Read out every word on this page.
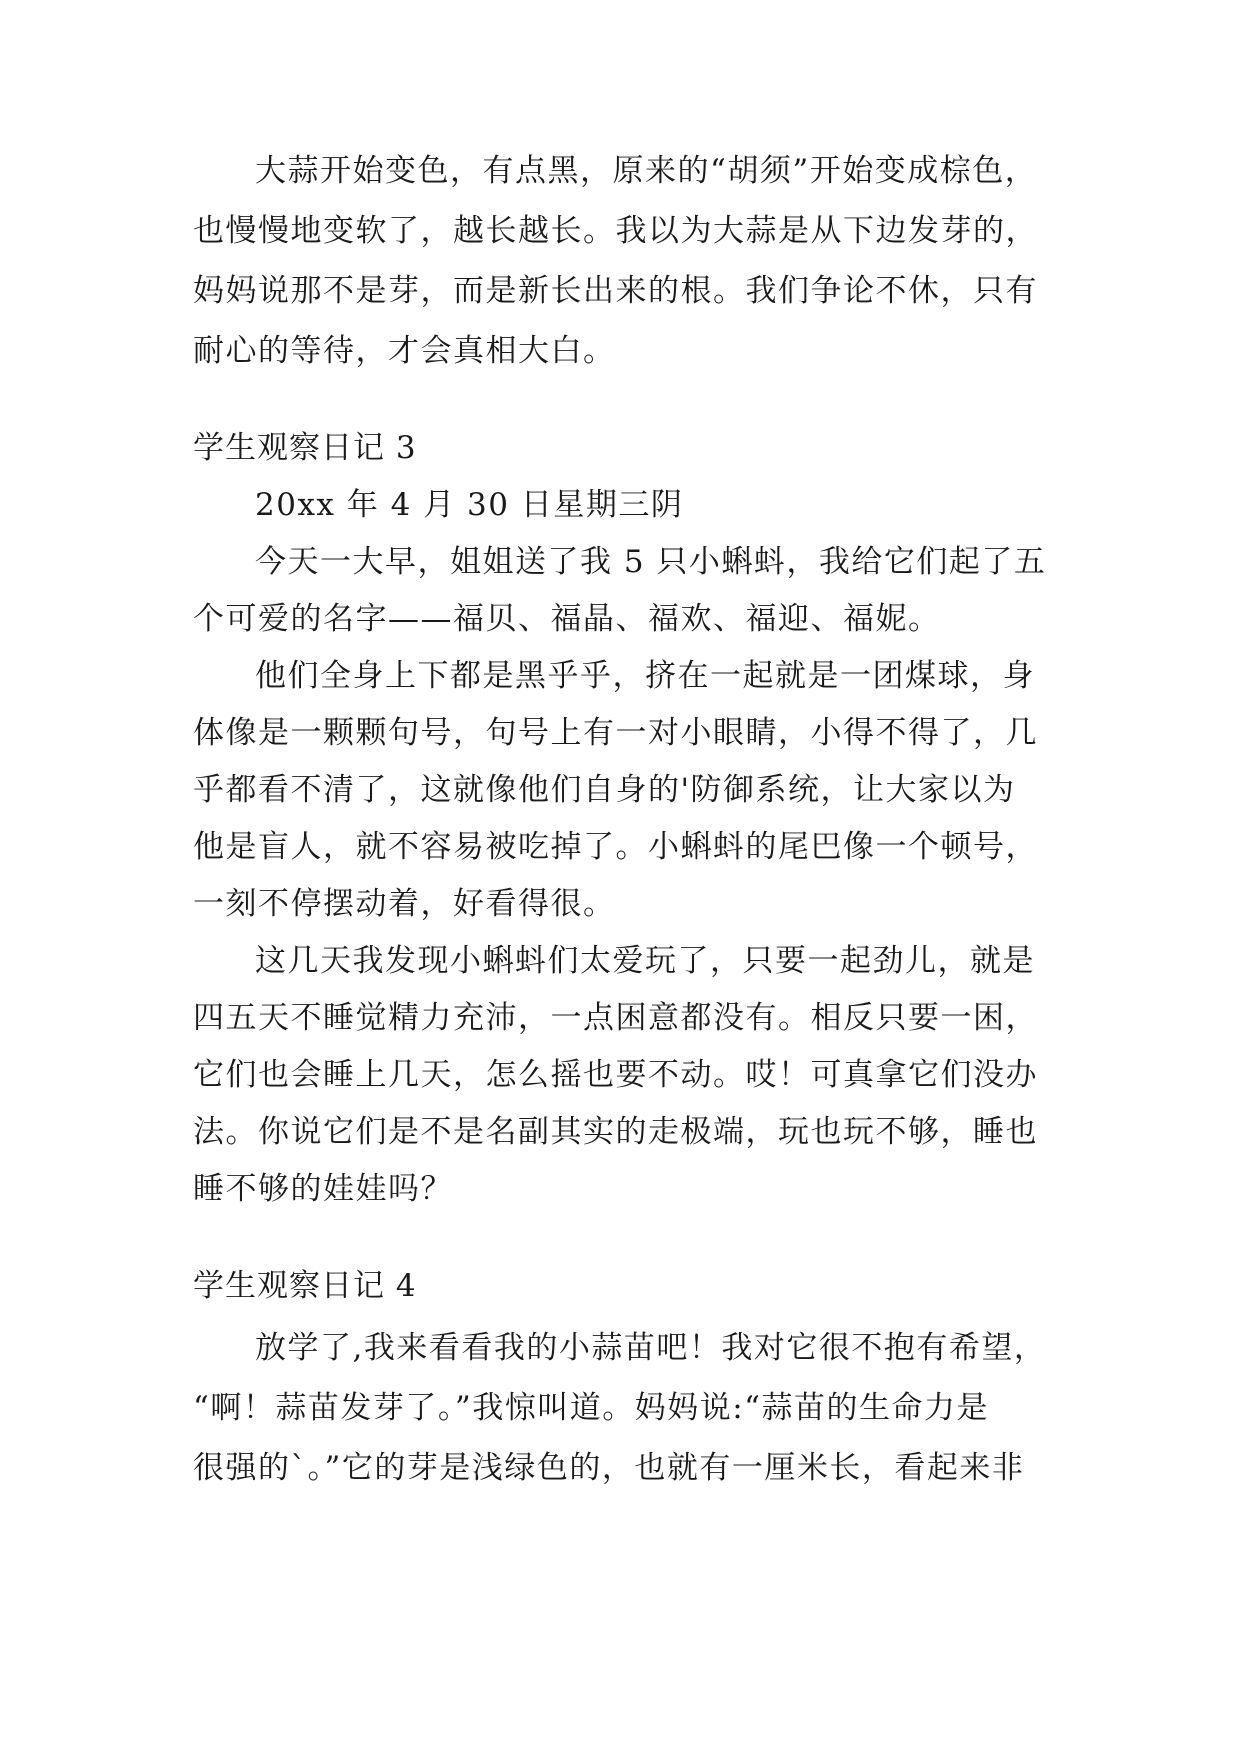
大蒜开始变色，有点黑，原来的“胡须”开始变成棕色，
也慢慢地变软了，越长越长。我以为大蒜是从下边发芽的，
妈妈说那不是芽，而是新长出来的根。我们争论不休，只有
耐心的等待，才会真相大白。
学生观察日记 3
20xx 年 4 月 30 日星期三阴
今天一大早，姐姐送了我 5 只小蝌蚪，我给它们起了五
个可爱的名字——福贝、福晶、福欢、福迎、福妮。
他们全身上下都是黑乎乎，挤在一起就是一团煤球，身
体像是一颗颗句号，句号上有一对小眼睛，小得不得了，几
乎都看不清了，这就像他们自身的'防御系统，让大家以为
他是盲人，就不容易被吃掉了。小蝌蚪的尾巴像一个顿号，
一刻不停摆动着，好看得很。
这几天我发现小蝌蚪们太爱玩了，只要一起劲儿，就是
四五天不睡觉精力充沛，一点困意都没有。相反只要一困，
它们也会睡上几天，怎么摇也要不动。哎！可真拿它们没办
法。你说它们是不是名副其实的走极端，玩也玩不够，睡也
睡不够的娃娃吗？
学生观察日记 4
放学了,我来看看我的小蒜苗吧！我对它很不抱有希望，
“啊！蒜苗发芽了。”我惊叫道。妈妈说:“蒜苗的生命力是
很强的`。”它的芽是浅绿色的，也就有一厘米长，看起来非
